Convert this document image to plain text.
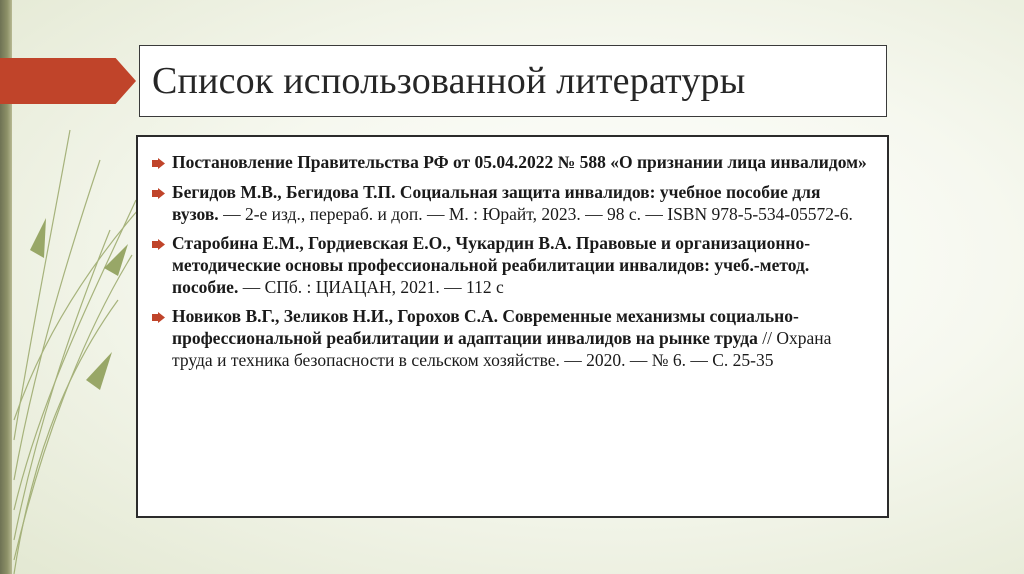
Список использованной литературы
Постановление Правительства РФ от 05.04.2022 № 588 «О признании лица инвалидом»
Бегидов М.В., Бегидова Т.П. Социальная защита инвалидов: учебное пособие для вузов. — 2-е изд., перераб. и доп. — М. : Юрайт, 2023. — 98 с. — ISBN 978-5-534-05572-6.
Старобина Е.М., Гордиевская Е.О., Чукардин В.А. Правовые и организационно-методические основы профессиональной реабилитации инвалидов: учеб.-метод. пособие. — СПб. : ЦИАЦАН, 2021. — 112 с
Новиков В.Г., Зеликов Н.И., Горохов С.А. Современные механизмы социально-профессиональной реабилитации и адаптации инвалидов на рынке труда // Охрана труда и техника безопасности в сельском хозяйстве. — 2020. — № 6. — С. 25-35
